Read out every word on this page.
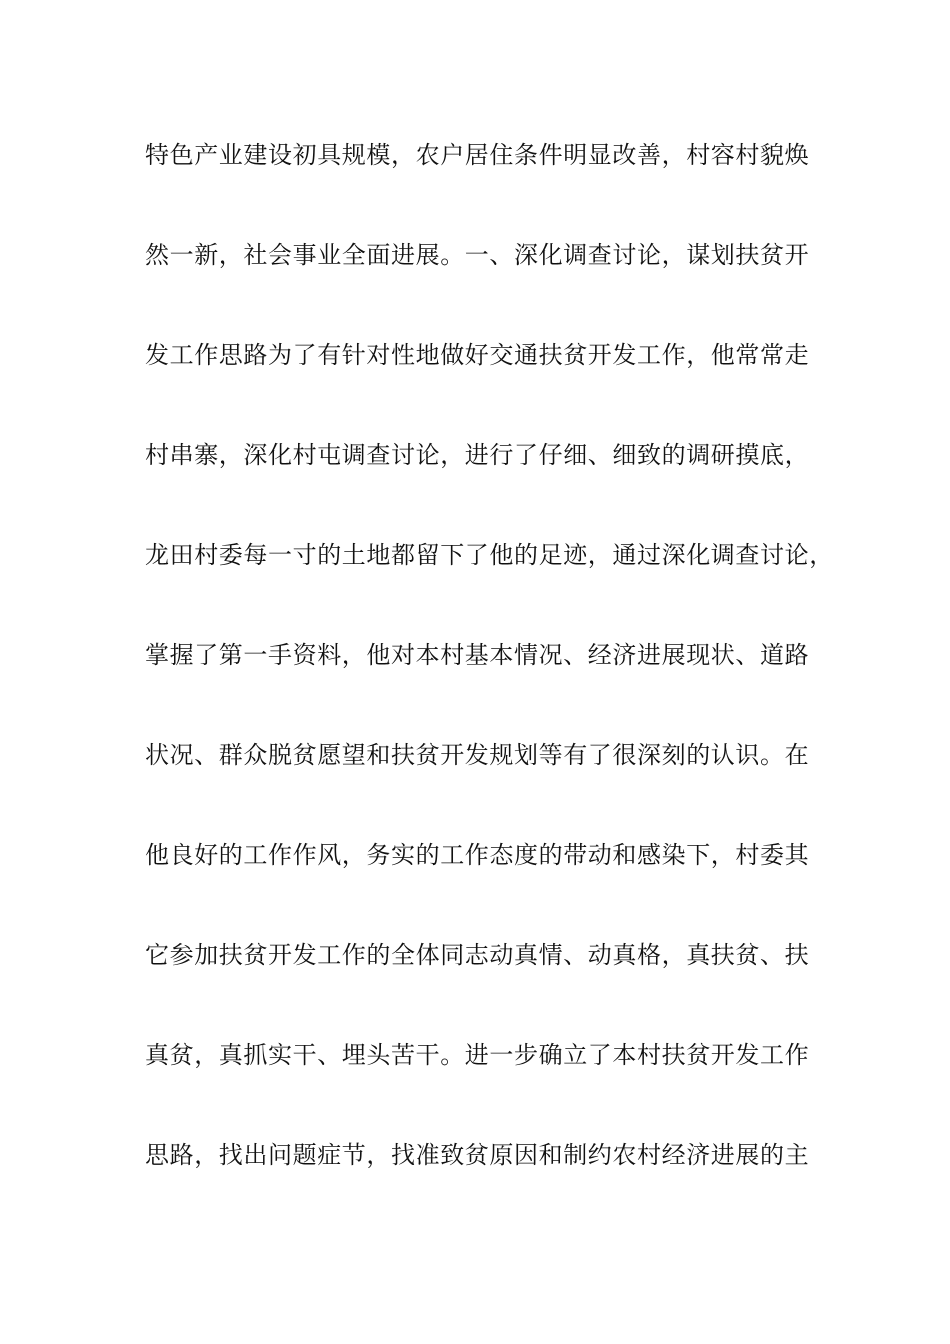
特色产业建设初具规模，农户居住条件明显改善，村容村貌焕
然一新，社会事业全面进展。一、深化调查讨论，谋划扶贫开
发工作思路为了有针对性地做好交通扶贫开发工作，他常常走
村串寨，深化村屯调查讨论，进行了仔细、细致的调研摸底，
龙田村委每一寸的土地都留下了他的足迹，通过深化调查讨论，
掌握了第一手资料，他对本村基本情况、经济进展现状、道路
状况、群众脱贫愿望和扶贫开发规划等有了很深刻的认识。在
他良好的工作作风，务实的工作态度的带动和感染下，村委其
它参加扶贫开发工作的全体同志动真情、动真格，真扶贫、扶
真贫，真抓实干、埋头苦干。进一步确立了本村扶贫开发工作
思路，找出问题症节，找准致贫原因和制约农村经济进展的主
